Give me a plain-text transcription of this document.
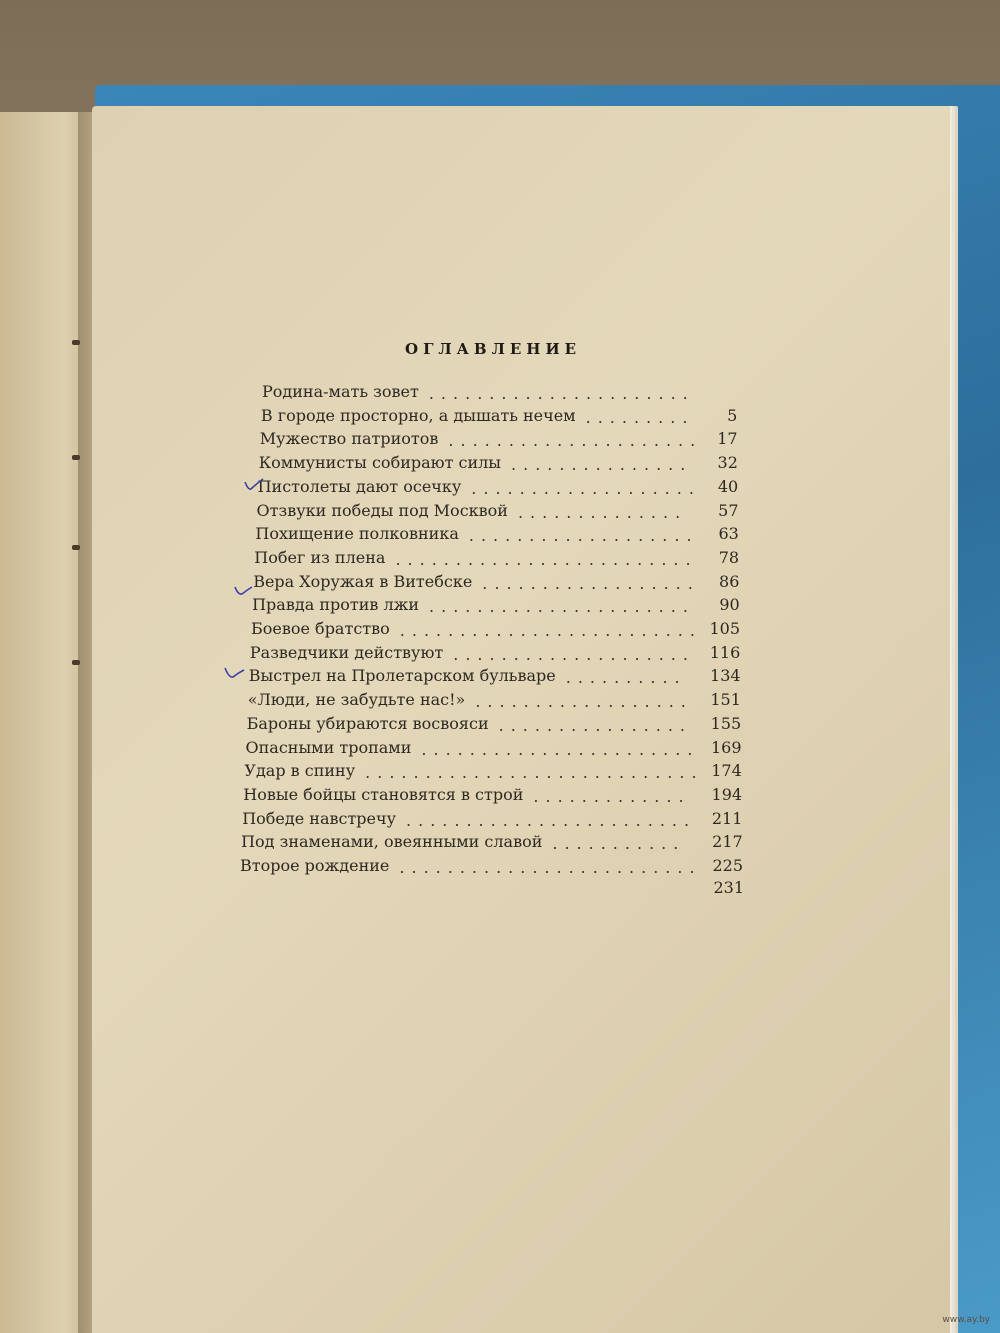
ОГЛАВЛЕНИЕ
Родина-мать зовет ......................
В городе просторно, а дышать нечем .........
Мужество патриотов .....................
Коммунисты собирают силы ...............
Пистолеты дают осечку ...................
Отзвуки победы под Москвой ..............
Похищение полковника ...................
Побег из плена .........................
Вера Хоружая в Витебске ..................
Правда против лжи ......................
Боевое братство .........................
Разведчики действуют ....................
Выстрел на Пролетарском бульваре ..........
«Люди, не забудьте нас!» ..................
Бароны убираются восвояси ................
Опасными тропами .......................
Удар в спину ............................
Новые бойцы становятся в строй .............
Победе навстречу ........................
Под знаменами, овеянными славой ...........
Второе рождение .........................
5
17
32
40
57
63
78
86
90
105
116
134
151
155
169
174
194
211
217
225
231
www.ay.by
